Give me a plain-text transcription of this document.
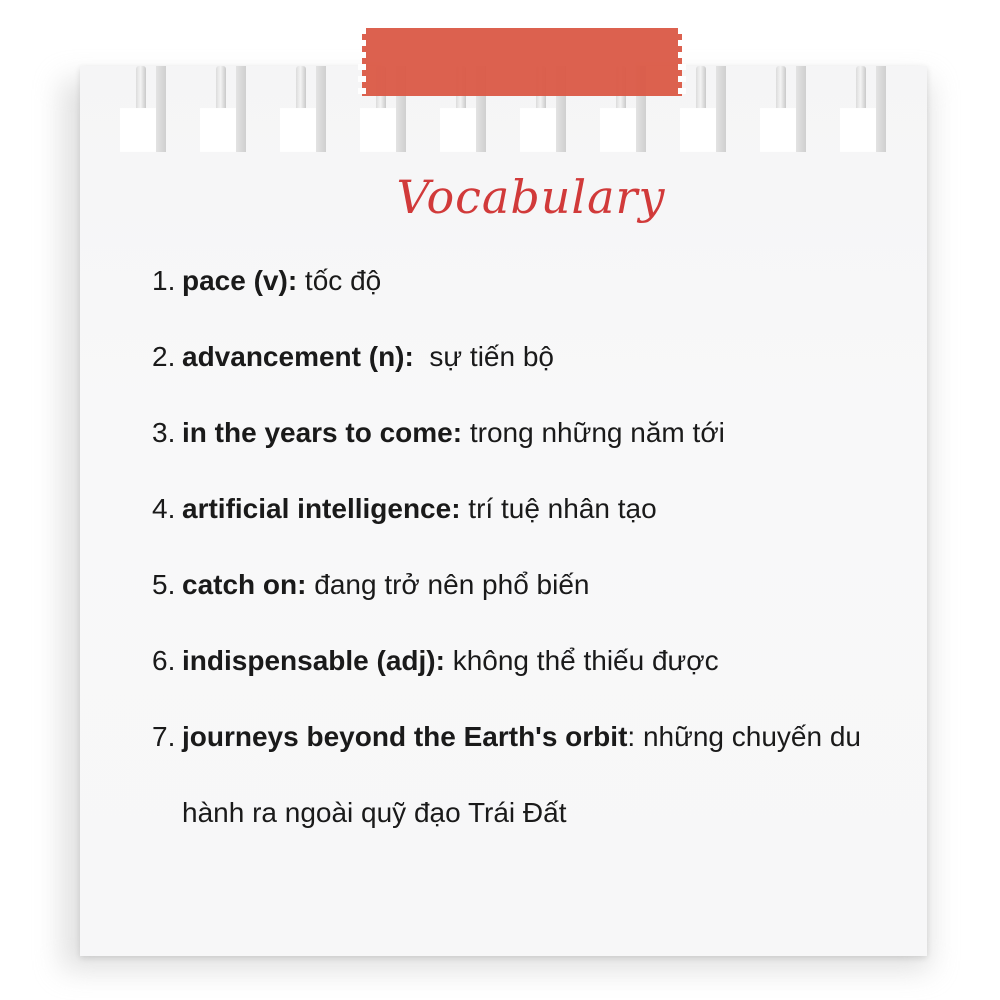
Vocabulary
1. pace (v): tốc độ
2. advancement (n):  sự tiến bộ
3. in the years to come: trong những năm tới
4. artificial intelligence: trí tuệ nhân tạo
5. catch on: đang trở nên phổ biến
6. indispensable (adj): không thể thiếu được
7. journeys beyond the Earth's orbit: những chuyến du hành ra ngoài quỹ đạo Trái Đất
